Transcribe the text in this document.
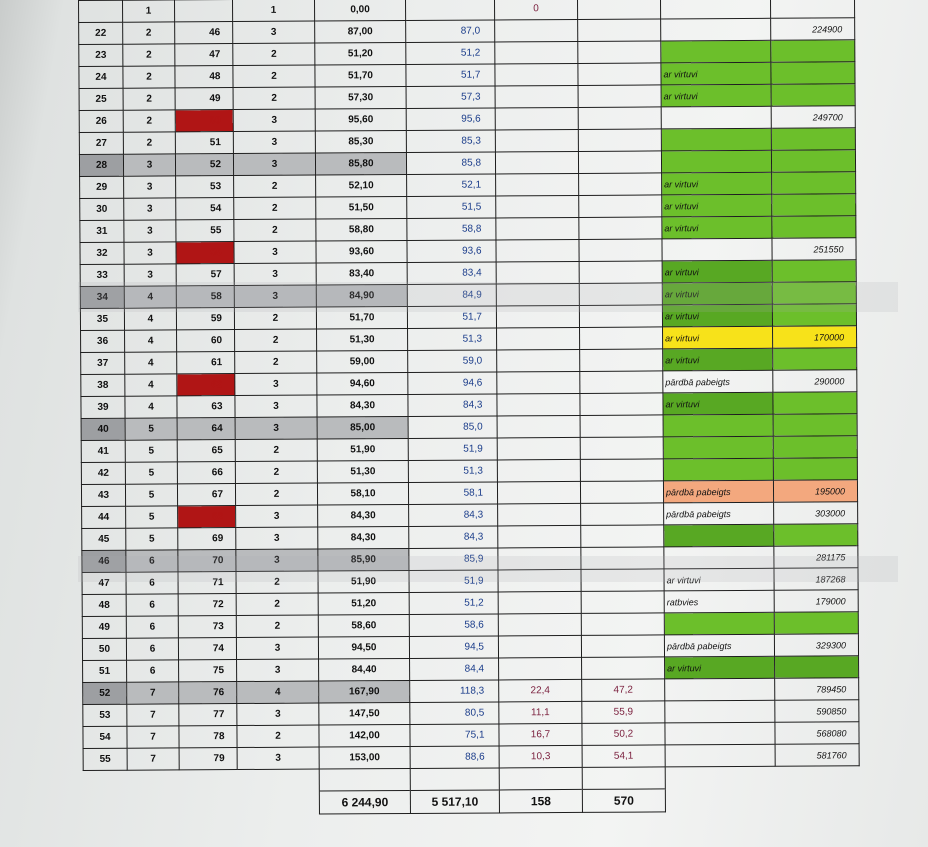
	1		1	0,00		0			
22	2	46	3	87,00	87,0				224900
23	2	47	2	51,20	51,2				
24	2	48	2	51,70	51,7			ar virtuvi	
25	2	49	2	57,30	57,3			ar virtuvi	
26	2	50	3	95,60	95,6				249700
27	2	51	3	85,30	85,3				
28	3	52	3	85,80	85,8				
29	3	53	2	52,10	52,1			ar virtuvi	
30	3	54	2	51,50	51,5			ar virtuvi	
31	3	55	2	58,80	58,8			ar virtuvi	
32	3	56	3	93,60	93,6				251550
33	3	57	3	83,40	83,4			ar virtuvi	
34	4	58	3	84,90	84,9			ar virtuvi	
35	4	59	2	51,70	51,7			ar virtuvi	
36	4	60	2	51,30	51,3			ar virtuvi	170000
37	4	61	2	59,00	59,0			ar virtuvi	
38	4	62	3	94,60	94,6			pārdbā pabeigts	290000
39	4	63	3	84,30	84,3			ar virtuvi	
40	5	64	3	85,00	85,0				
41	5	65	2	51,90	51,9				
42	5	66	2	51,30	51,3				
43	5	67	2	58,10	58,1			pārdbā pabeigts	195000
44	5	68	3	84,30	84,3			pārdbā pabeigts	303000
45	5	69	3	84,30	84,3				
46	6	70	3	85,90	85,9				281175
47	6	71	2	51,90	51,9			ar virtuvi	187268
48	6	72	2	51,20	51,2			ratbvies	179000
49	6	73	2	58,60	58,6				
50	6	74	3	94,50	94,5			pārdbā pabeigts	329300
51	6	75	3	84,40	84,4			ar virtuvi	
52	7	76	4	167,90	118,3	22,4	47,2		789450
53	7	77	3	147,50	80,5	11,1	55,9		590850
54	7	78	2	142,00	75,1	16,7	50,2		568080
55	7	79	3	153,00	88,6	10,3	54,1		581760

				6 244,90	5 517,10	158	570		
